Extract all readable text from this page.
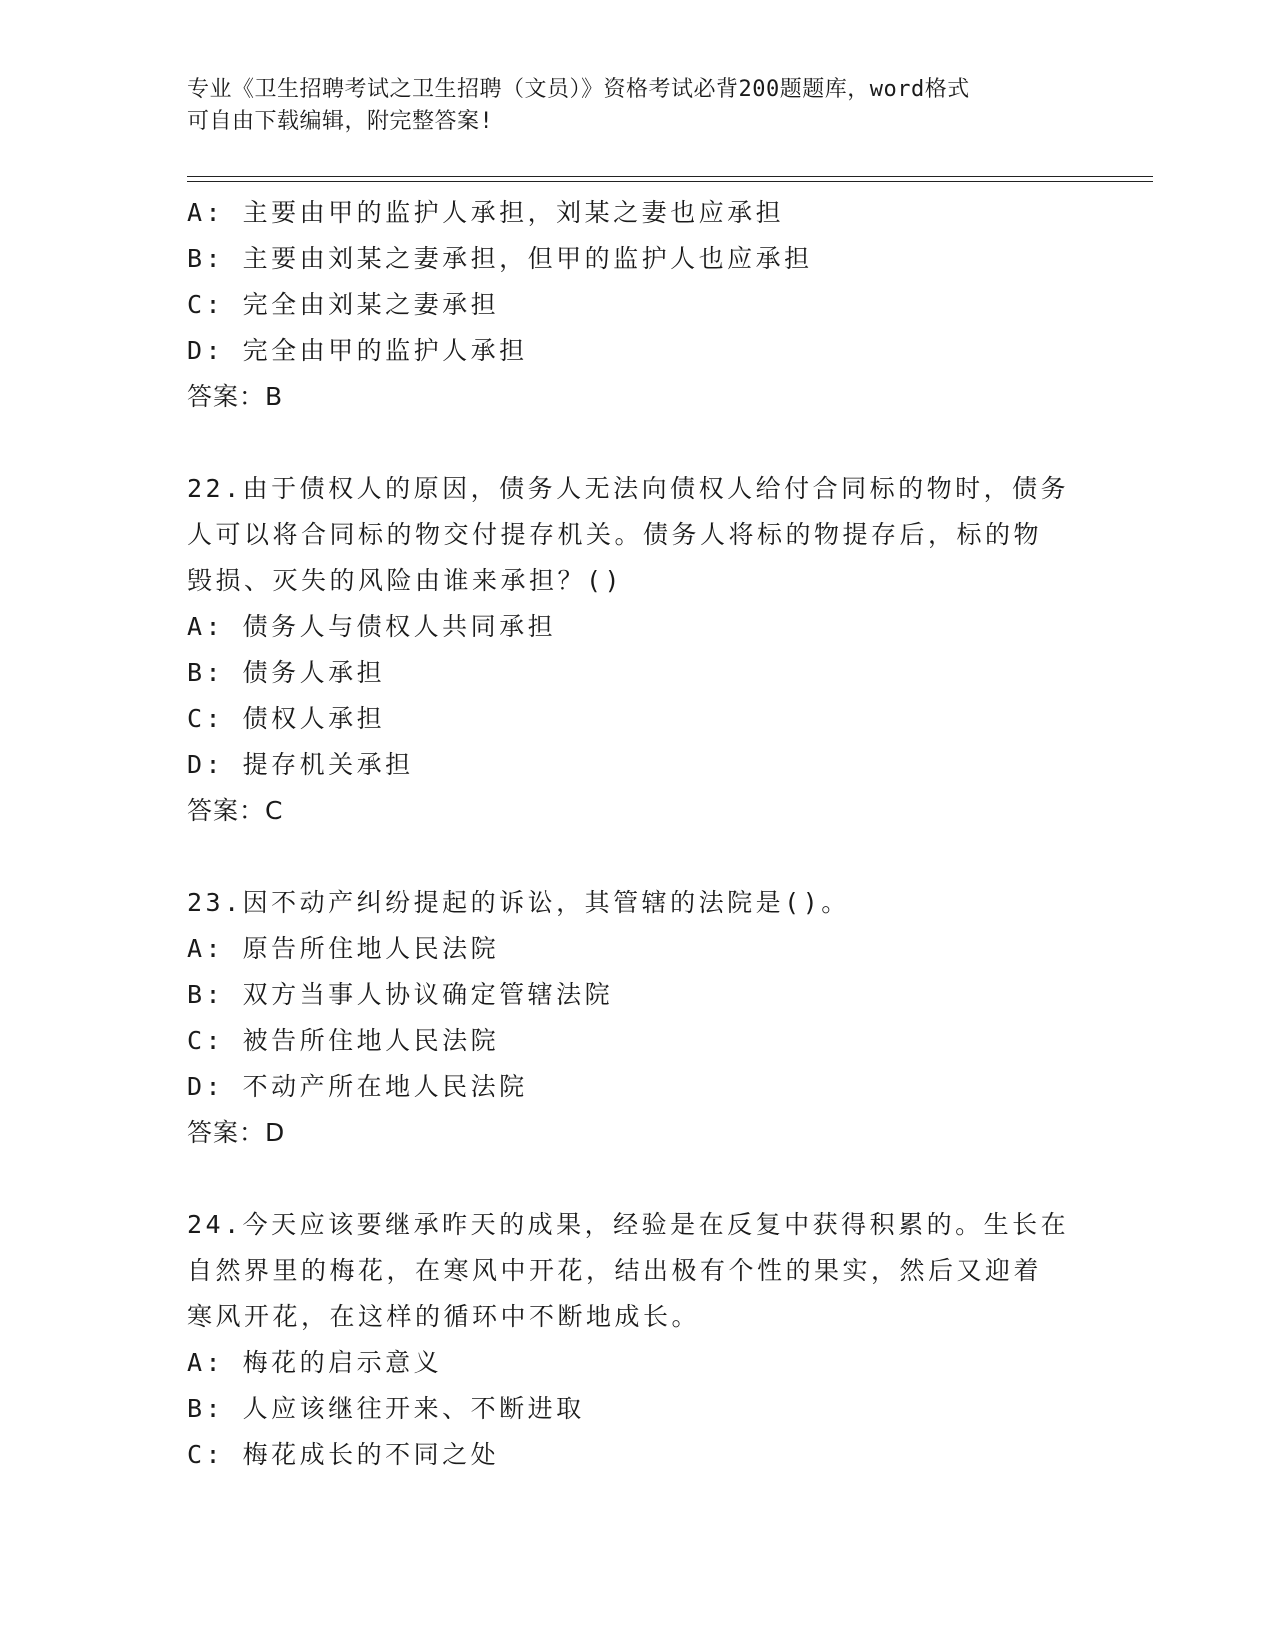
专业《卫生招聘考试之卫生招聘（文员）》资格考试必背200题题库，word格式
可自由下载编辑，附完整答案!
A: 主要由甲的监护人承担，刘某之妻也应承担
B: 主要由刘某之妻承担，但甲的监护人也应承担
C: 完全由刘某之妻承担
D: 完全由甲的监护人承担
答案：B
22.由于债权人的原因，债务人无法向债权人给付合同标的物时，债务
人可以将合同标的物交付提存机关。债务人将标的物提存后，标的物
毁损、灭失的风险由谁来承担？()
A: 债务人与债权人共同承担
B: 债务人承担
C: 债权人承担
D: 提存机关承担
答案：C
23.因不动产纠纷提起的诉讼，其管辖的法院是()。
A: 原告所住地人民法院
B: 双方当事人协议确定管辖法院
C: 被告所住地人民法院
D: 不动产所在地人民法院
答案：D
24.今天应该要继承昨天的成果，经验是在反复中获得积累的。生长在
自然界里的梅花，在寒风中开花，结出极有个性的果实，然后又迎着
寒风开花，在这样的循环中不断地成长。
A: 梅花的启示意义
B: 人应该继往开来、不断进取
C: 梅花成长的不同之处
